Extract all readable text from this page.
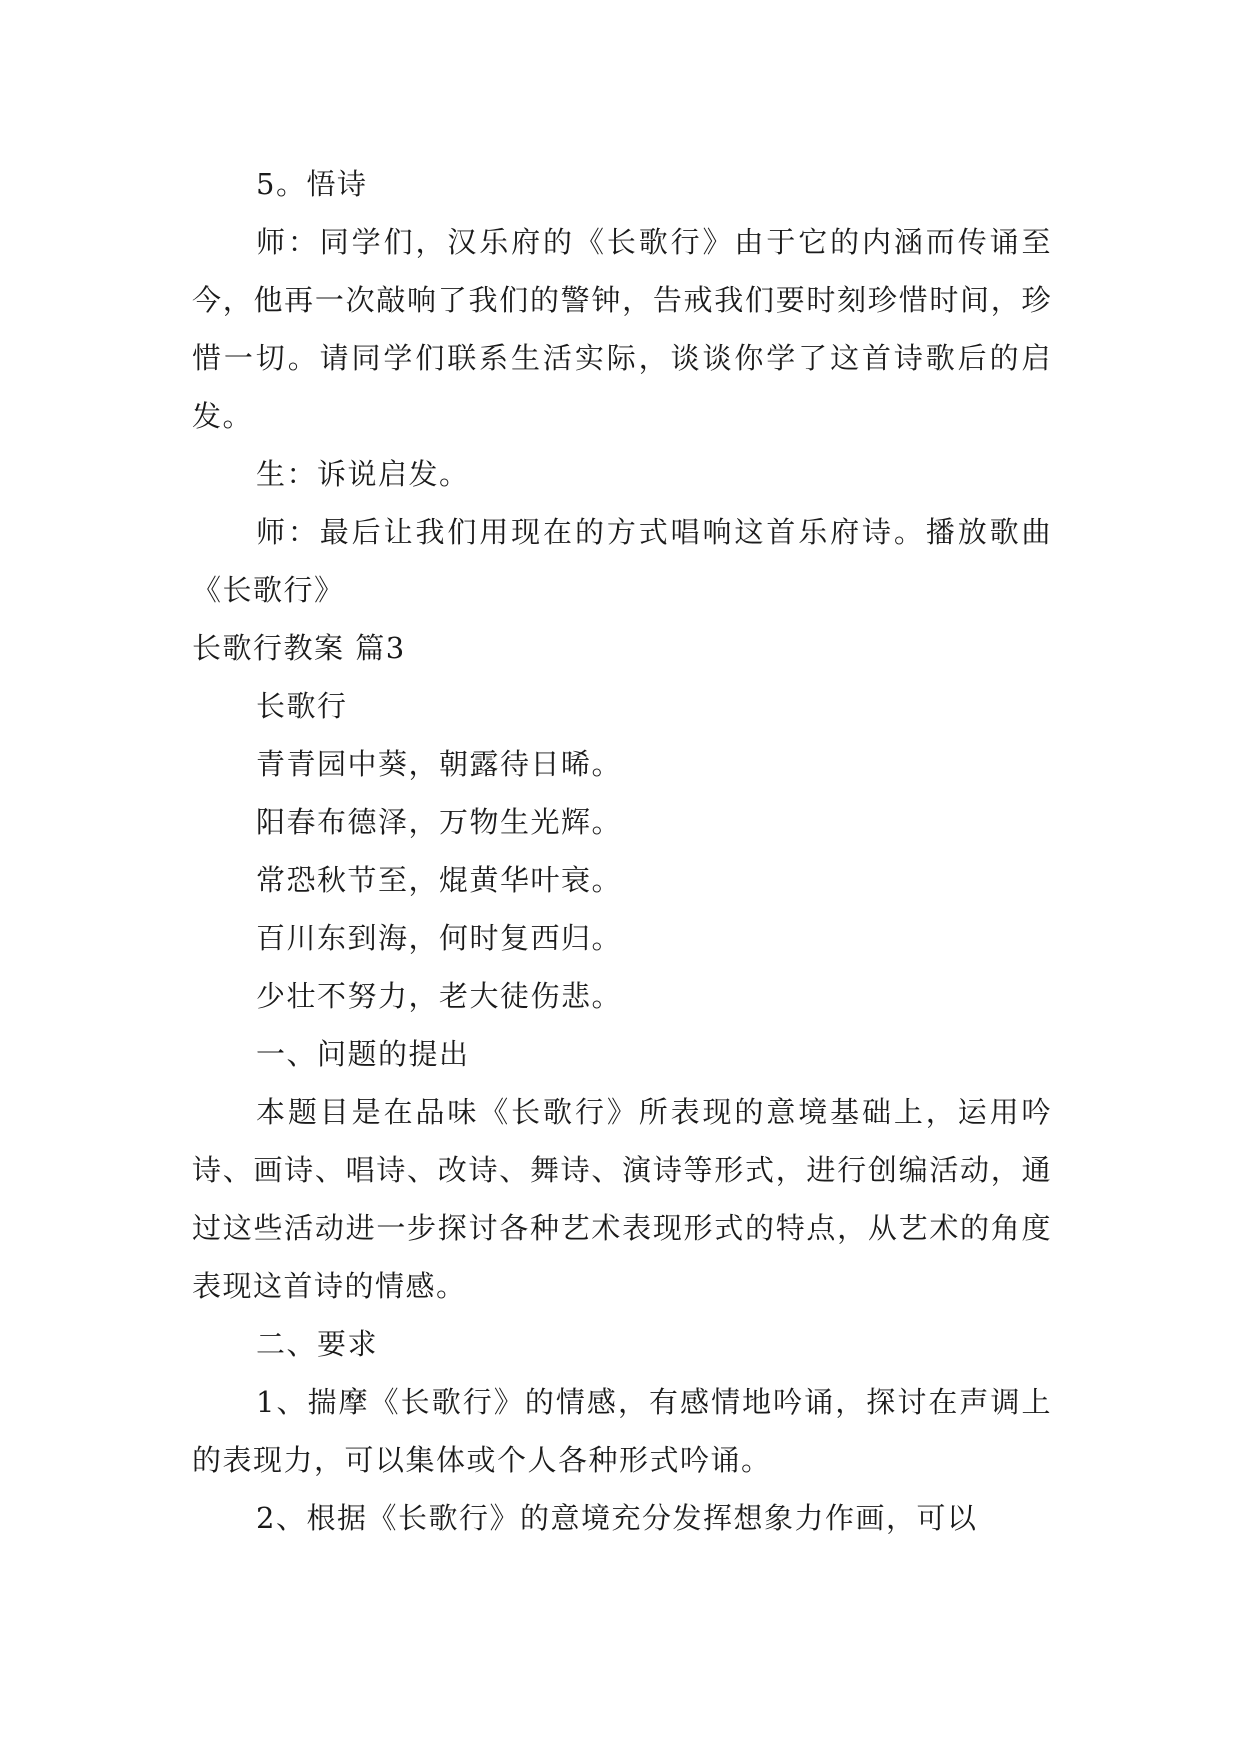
5。悟诗

师：同学们，汉乐府的《长歌行》由于它的内涵而传诵至今，他再一次敲响了我们的警钟，告戒我们要时刻珍惜时间，珍惜一切。请同学们联系生活实际，谈谈你学了这首诗歌后的启发。

生：诉说启发。

师：最后让我们用现在的方式唱响这首乐府诗。播放歌曲《长歌行》

长歌行教案 篇3

长歌行

青青园中葵，朝露待日晞。

阳春布德泽，万物生光辉。

常恐秋节至，焜黄华叶衰。

百川东到海，何时复西归。

少壮不努力，老大徒伤悲。

一、问题的提出

本题目是在品味《长歌行》所表现的意境基础上，运用吟诗、画诗、唱诗、改诗、舞诗、演诗等形式，进行创编活动，通过这些活动进一步探讨各种艺术表现形式的特点，从艺术的角度表现这首诗的情感。

二、要求

1、揣摩《长歌行》的情感，有感情地吟诵，探讨在声调上的表现力，可以集体或个人各种形式吟诵。

2、根据《长歌行》的意境充分发挥想象力作画，可以
